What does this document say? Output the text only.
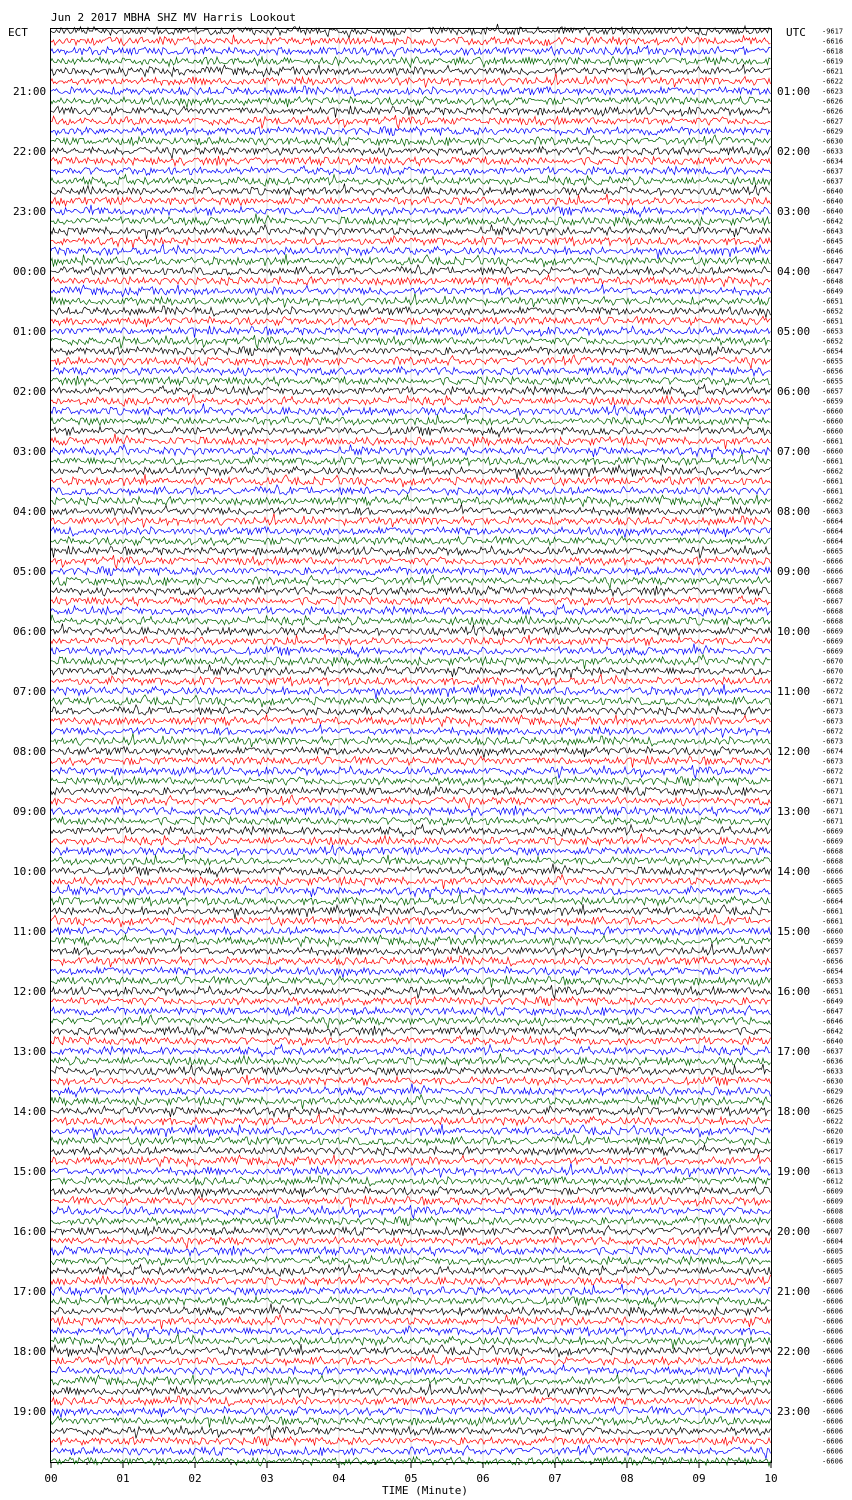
Jun 2 2017 MBHA SHZ MV Harris Lookout
ECT	UTC
21:00
22:00
23:00
00:00
01:00
02:00
03:00
04:00
05:00
06:00
07:00
08:00
09:00
10:00
11:00
12:00
13:00
14:00
15:00
16:00
17:00
18:00
19:00
01:00
02:00
03:00
04:00
05:00
06:00
07:00
08:00
09:00
10:00
11:00
12:00
13:00
14:00
15:00
16:00
17:00
18:00
19:00
20:00
21:00
22:00
23:00
-9617
-6616
-6618
-6619
-6621
-6622
-6623
-6626
-6626
-6627
-6629
-6630
-6633
-6634
-6637
-6637
-6640
-6640
-6640
-6642
-6643
-6645
-6646
-6647
-6647
-6648
-6649
-6651
-6652
-6651
-6653
-6652
-6654
-6655
-6656
-6655
-6657
-6659
-6660
-6660
-6660
-6661
-6660
-6661
-6662
-6661
-6661
-6662
-6663
-6664
-6664
-6664
-6665
-6666
-6666
-6667
-6668
-6667
-6668
-6668
-6669
-6669
-6669
-6670
-6670
-6672
-6672
-6671
-6673
-6673
-6672
-6673
-6674
-6673
-6672
-6671
-6671
-6671
-6671
-6671
-6669
-6669
-6668
-6668
-6666
-6665
-6665
-6664
-6661
-6661
-6660
-6659
-6657
-6656
-6654
-6653
-6651
-6649
-6647
-6646
-6642
-6640
-6637
-6636
-6633
-6630
-6629
-6626
-6625
-6622
-6620
-6619
-6617
-6615
-6613
-6612
-6609
-6609
-6608
-6608
-6607
-6604
-6605
-6605
-6605
-6607
-6606
-6606
-6606
-6606
-6606
-6606
-6606
-6606
-6606
-6606
-6606
-6606
-6606
-6606
-6606
-6606
-6606
-6606
00	01	02	03	04	05	06	07	08	09	10
TIME (Minute)
